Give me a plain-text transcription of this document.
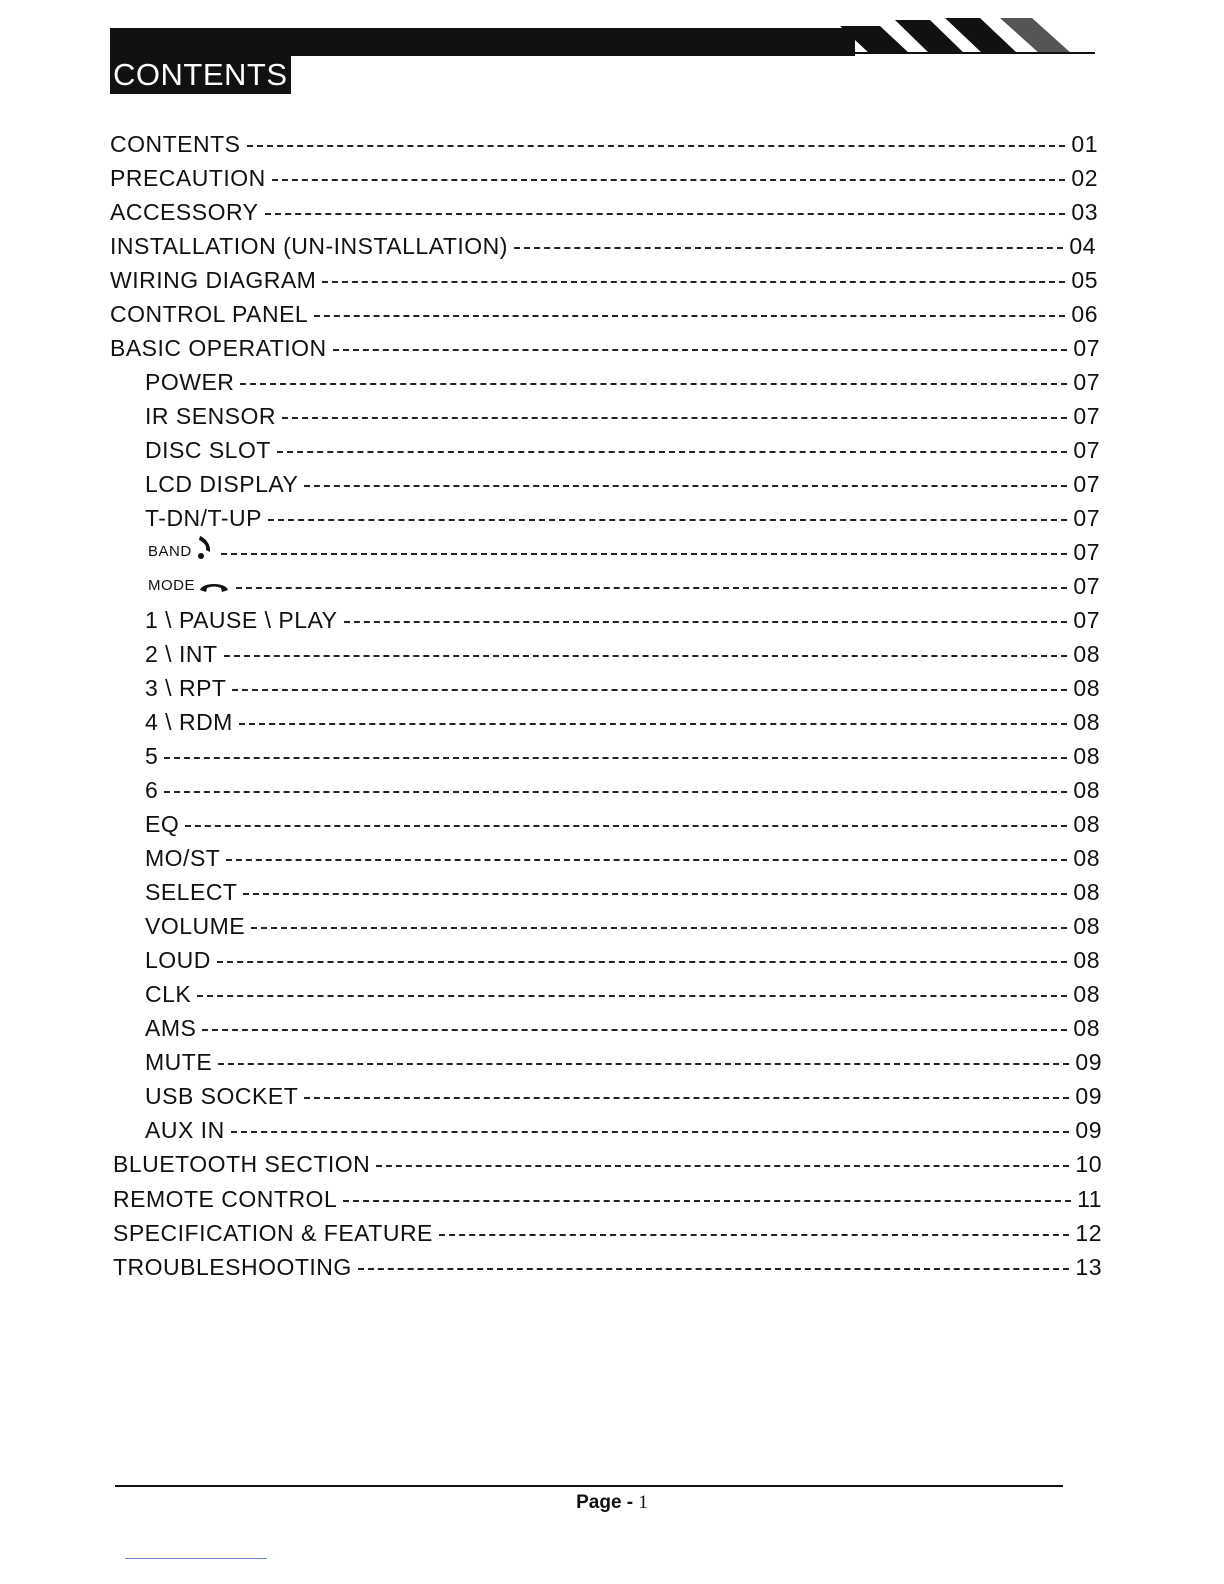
CONTENTS
CONTENTS	01
PRECAUTION	02
ACCESSORY	03
INSTALLATION (UN-INSTALLATION)	04
WIRING DIAGRAM	05
CONTROL PANEL	06
BASIC OPERATION	07
POWER	07
IR SENSOR	07
DISC SLOT	07
LCD DISPLAY	07
T-DN/T-UP	07
BAND	07
MODE	07
1 \ PAUSE \ PLAY	07
2 \ INT	08
3 \ RPT	08
4 \ RDM	08
5	08
6	08
EQ	08
MO/ST	08
SELECT	08
VOLUME	08
LOUD	08
CLK	08
AMS	08
MUTE	09
USB SOCKET	09
AUX IN	09
BLUETOOTH SECTION	10
REMOTE CONTROL	11
SPECIFICATION & FEATURE	12
TROUBLESHOOTING	13
Page - 1
